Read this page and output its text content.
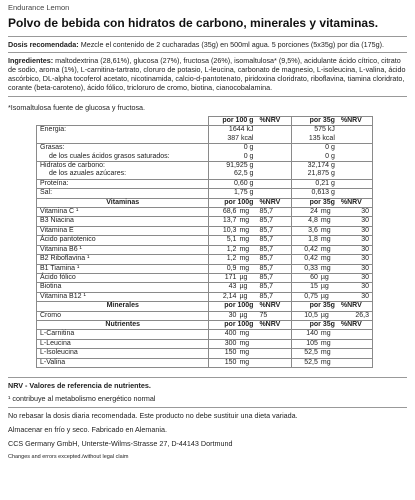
Endurance Lemon
Polvo de bebida con hidratos de carbono, minerales y vitaminas.

Dosis recomendada: Mezcle el contenido de 2 cucharadas (35g) en 500ml agua. 5 porciones (5x35g) por dia (175g).

Ingredientes: maltodextrina (28,61%), glucosa (27%), fructosa (26%), isomaltulosa* (9,5%), acidulante ácido cítrico, citrato de sodio, aroma (1%), L-carnitina-tartrato, cloruro de potasio, L-leucina, carbonato de magnesio, L-isoleucina, L-valina, ácido ascórbico, DL-alpha tocoferol acetato, nicotinamida, calcio-d-pantotenato, piridoxina cloridrato, riboflavina, tiamina cloridrato, corante (beta-caroteno), ácido fólico, tricloruro de cromo, biotina, cianocobalamina.

*Isomaltulosa fuente de glucosa y fructosa.

	por 100 g	%NRV	por 35g	%NRV
Energia:	1644 kJ		575 kJ	
	387 kcal		135 kcal	
Grasas:	0 g		0 g	
de los cuales ácidos grasos saturados:	0 g		0 g	
Hidratos de carbono:	91,925 g		32,174 g	
de los azuales azúcares:	62,5 g		21,875 g	
Proteína:	0,60 g		0,21 g	
Sal:	1,75 g		0,613 g	
Vitaminas	por 100g	%NRV	por 35g	%NRV
Vitamina C ¹	68,6 mg	85,7	24 mg	30
B3 Niacina	13,7 mg	85,7	4,8 mg	30
Vitamina E	10,3 mg	85,7	3,6 mg	30
Ácido pantotenico	5,1 mg	85,7	1,8 mg	30
Vitamina B6 ¹	1,2 mg	85,7	0,42 mg	30
B2 Riboflavina ¹	1,2 mg	85,7	0,42 mg	30
B1 Tiamina ¹	0,9 mg	85,7	0,33 mg	30
Ácido fólico	171 µg	85,7	60 µg	30
Biotina	43 µg	85,7	15 µg	30
Vitamina B12 ¹	2,14 µg	85,7	0,75 µg	30
Minerales	por 100g	%NRV	por 35g	%NRV
Cromo	30 µg	75	10,5 µg	26,3
Nutrientes	por 100g	%NRV	por 35g	%NRV
L-Carnitina	400 mg		140 mg	
L-Leucina	300 mg		105 mg	
L-Isoleucina	150 mg		52,5 mg	
L-Valina	150 mg		52,5 mg	

NRV - Valores de referencia de nutrientes.

¹ contribuye al metabolismo energético normal

No rebasar la dosis diaria recomendada. Este producto no debe sustituir una dieta variada.

Almacenar en frío y seco. Fabricado en Alemania.

CCS Germany GmbH, Unterste-Wilms-Strasse 27, D-44143 Dortmund

Changes and errors excepted./without legal claim
